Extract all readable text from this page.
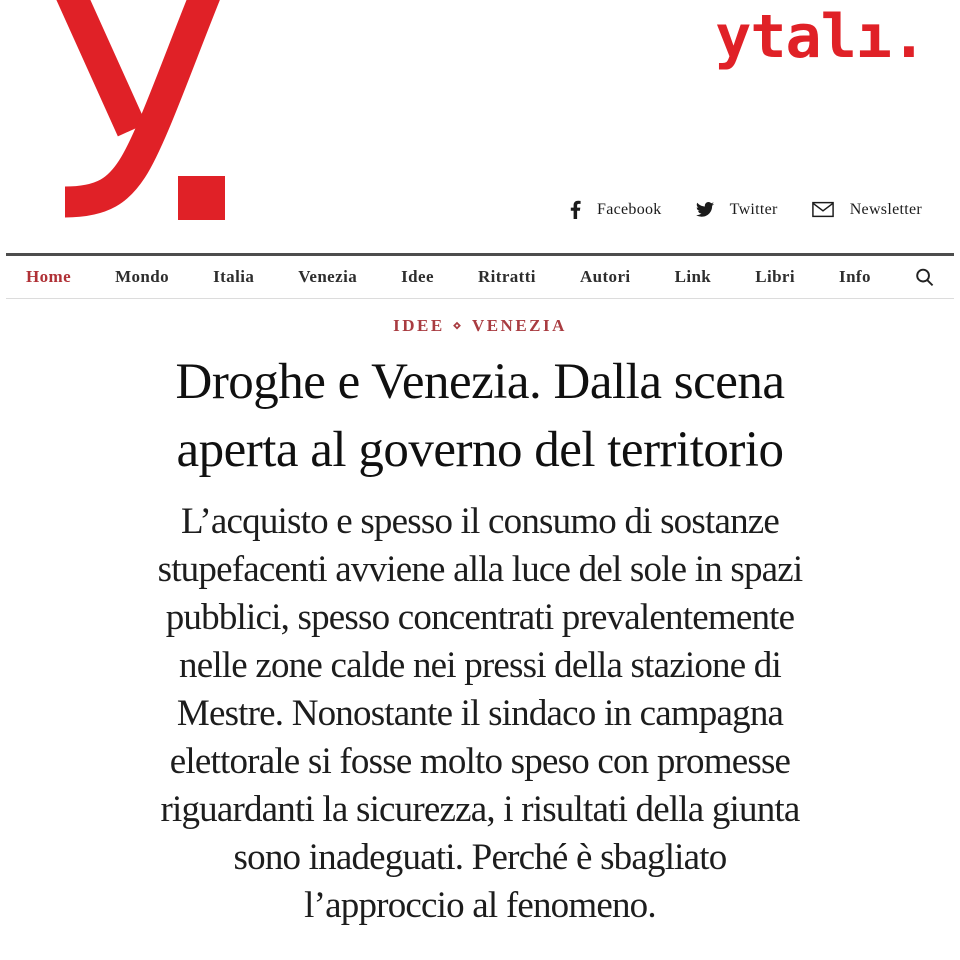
ytalı.
Facebook	Twitter	Newsletter
Home	Mondo	Italia	Venezia	Idee	Ritratti	Autori	Link	Libri	Info
IDEE ⋄ VENEZIA
Droghe e Venezia. Dalla scena
aperta al governo del territorio
L’acquisto e spesso il consumo di sostanze
stupefacenti avviene alla luce del sole in spazi
pubblici, spesso concentrati prevalentemente
nelle zone calde nei pressi della stazione di
Mestre. Nonostante il sindaco in campagna
elettorale si fosse molto speso con promesse
riguardanti la sicurezza, i risultati della giunta
sono inadeguati. Perché è sbagliato
l’approccio al fenomeno.
